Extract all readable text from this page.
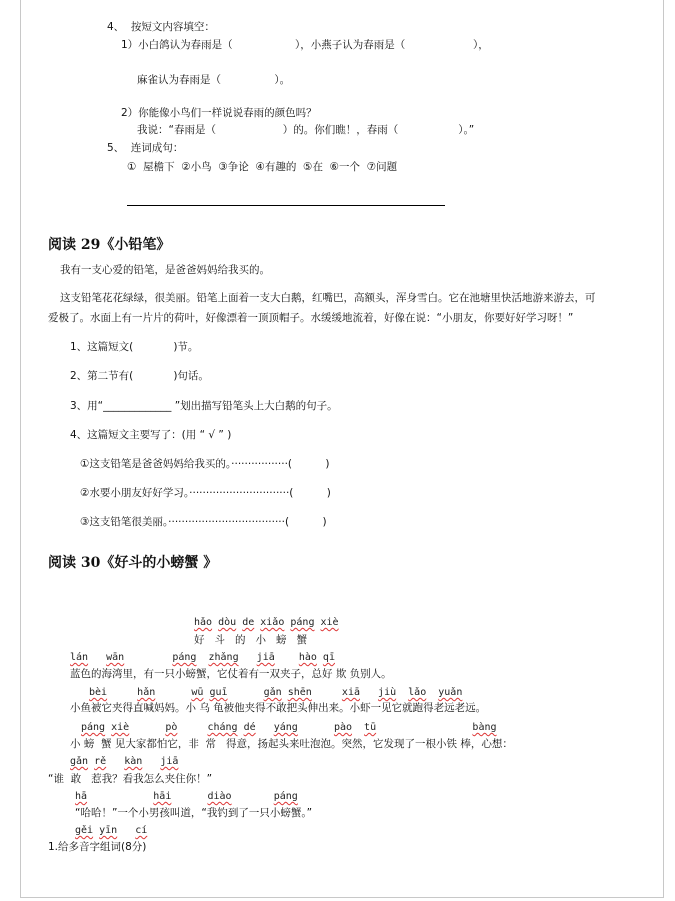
4、  按短文内容填空：
1）小白鸽认为春雨是（	），小燕子认为春雨是（	），
麻雀认为春雨是（                ）。
2）你能像小鸟们一样说说春雨的颜色吗？
我说：“春雨是（                    ）的。你们瞧！，春雨（                  ）。”
5、  连词成句：
①  屋檐下  ②小鸟  ③争论  ④有趣的  ⑤在  ⑥一个  ⑦问题
阅读 29《小铅笔》
我有一支心爱的铅笔，是爸爸妈妈给我买的。
这支铅笔花花绿绿，很美丽。铅笔上面着一支大白鹅，红嘴巴，高额头，浑身雪白。它在池塘里快活地游来游去，可
爱极了。水面上有一片片的荷叶，好像漂着一顶顶帽子。水缓缓地流着，好像在说：“小朋友，你要好好学习呀！”
1、这篇短文(            )节。
2、第二节有(            )句话。
3、用“_____________ ”划出描写铅笔头上大白鹅的句子。
4、这篇短文主要写了：(用 “ √ ” )
①这支铅笔是爸爸妈妈给我买的。·················(          )
②水要小朋友好好学习。······························(          )
③这支铅笔很美丽。···································(          )
阅读 30《好斗的小螃蟹 》
hǎo dòu de xiǎo páng xiè
好   斗   的   小   螃   蟹
lán wān	páng zhǎng jiā hào qī
蓝色的海湾里，有一只小螃蟹，它仗着有一双夹子，总好 欺 负别人。
bèi	hǎn	wū guī	gǎn shēn	xiā jiù lǎo yuǎn
小鱼被它夹得直喊妈妈。小 乌 龟被他夹得不敢把头伸出来。小虾一见它就跑得老远老远。
páng xiè	pò	cháng dé yáng	pào tū	bàng
小 螃  蟹 见大家都怕它，非  常   得意，扬起头来吐泡泡。突然，它发现了一根小铁 棒，心想：
gǎn rě kàn jiā
“谁  敢   惹我？看我怎么夹住你！”
hā	hāi	diào	páng
“哈哈！”一个小男孩叫道，“我钓到了一只小螃蟹。”
gěi yīn cí
1.给多音字组词(8分)
